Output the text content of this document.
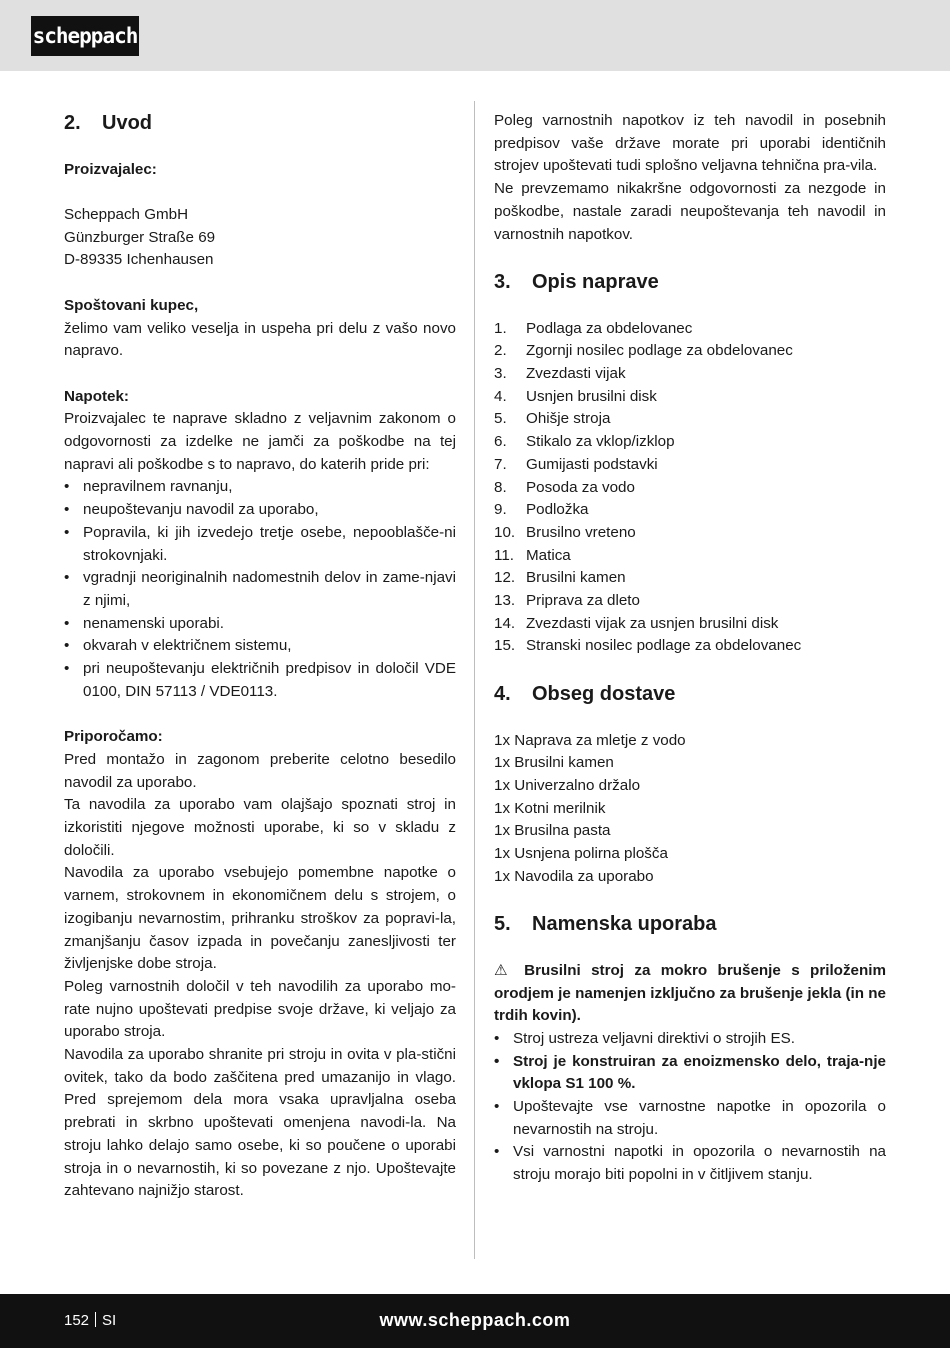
scheppach
2.	Uvod

Proizvajalec:

Scheppach GmbH

Günzburger Straße 69

D-89335 Ichenhausen

Spoštovani kupec,

želimo vam veliko veselja in uspeha pri delu z vašo novo napravo.

Napotek:

Proizvajalec te naprave skladno z veljavnim zakonom o odgovornosti za izdelke ne jamči za poškodbe na tej napravi ali poškodbe s to napravo, do katerih pride pri:

• nepravilnem ravnanju,
• neupoštevanju navodil za uporabo,
• Popravila, ki jih izvedejo tretje osebe, nepooblašče-ni strokovnjaki.
• vgradnji neoriginalnih nadomestnih delov in zame-njavi z njimi,
• nenamenski uporabi.
• okvarah v električnem sistemu,
• pri neupoštevanju električnih predpisov in določil VDE 0100, DIN 57113 / VDE0113.

Priporočamo:

Pred montažo in zagonom preberite celotno besedilo navodil za uporabo.

Ta navodila za uporabo vam olajšajo spoznati stroj in izkoristiti njegove možnosti uporabe, ki so v skladu z določili.

Navodila za uporabo vsebujejo pomembne napotke o varnem, strokovnem in ekonomičnem delu s strojem, o izogibanju nevarnostim, prihranku stroškov za popravi-la, zmanjšanju časov izpada in povečanju zanesljivosti ter življenjske dobe stroja.

Poleg varnostnih določil v teh navodilih za uporabo mo-rate nujno upoštevati predpise svoje države, ki veljajo za uporabo stroja.

Navodila za uporabo shranite pri stroju in ovita v pla-stični ovitek, tako da bodo zaščitena pred umazanijo in vlago. Pred sprejemom dela mora vsaka upravljalna oseba prebrati in skrbno upoštevati omenjena navodi-la. Na stroju lahko delajo samo osebe, ki so poučene o uporabi stroja in o nevarnostih, ki so povezane z njo. Upoštevajte zahtevano najnižjo starost.

Poleg varnostnih napotkov iz teh navodil in posebnih predpisov vaše države morate pri uporabi identičnih strojev upoštevati tudi splošno veljavna tehnična pra-vila.

Ne prevzemamo nikakršne odgovornosti za nezgode in poškodbe, nastale zaradi neupoštevanja teh navodil in varnostnih napotkov.

3.	Opis naprave
1.	Podlaga za obdelovanec
2.	Zgornji nosilec podlage za obdelovanec
3.	Zvezdasti vijak
4.	Usnjen brusilni disk
5.	Ohišje stroja
6.	Stikalo za vklop/izklop
7.	Gumijasti podstavki
8.	Posoda za vodo
9.	Podložka
10. Brusilno vreteno
11. Matica
12. Brusilni kamen
13. Priprava za dleto
14. Zvezdasti vijak za usnjen brusilni disk
15. Stranski nosilec podlage za obdelovanec
4.	Obseg dostave

1x Naprava za mletje z vodo

1x Brusilni kamen

1x Univerzalno držalo

1x Kotni merilnik

1x Brusilna pasta

1x Usnjena polirna plošča

1x Navodila za uporabo

5.	Namenska uporaba

⚠ Brusilni stroj za mokro brušenje s priloženim orodjem je namenjen izključno za brušenje jekla (in ne trdih kovin).

• Stroj ustreza veljavni direktivi o strojih ES.
• Stroj je konstruiran za enoizmensko delo, traja-nje vklopa S1 100 %.
• Upoštevajte vse varnostne napotke in opozorila o nevarnostih na stroju.
• Vsi varnostni napotki in opozorila o nevarnostih na stroju morajo biti popolni in v čitljivem stanju.
152 SI	www.scheppach.com
